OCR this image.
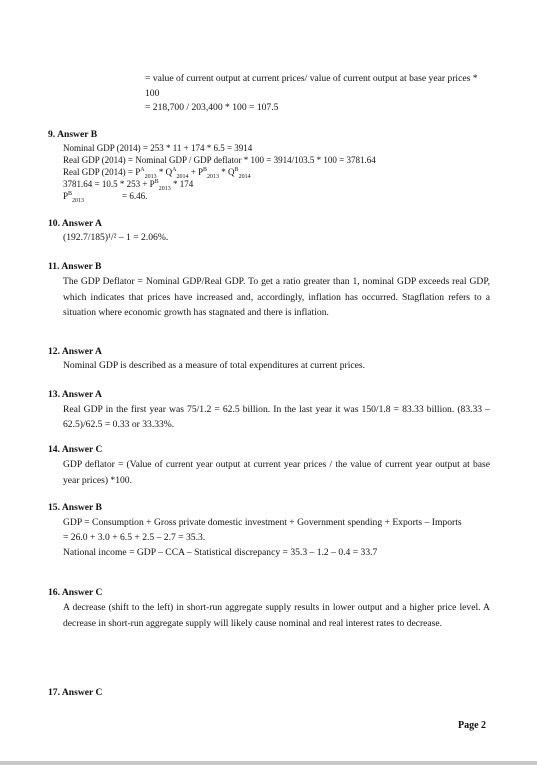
= value of current output at current prices/ value of current output at base year prices * 100
= 218,700 / 203,400 * 100 = 107.5
9. Answer B
Nominal GDP (2014) = 253 * 11 + 174 * 6.5 = 3914
Real GDP (2014) = Nominal GDP / GDP deflator * 100 = 3914/103.5 * 100 = 3781.64
Real GDP $(2014) = P^A_{2013} * Q^A_{2014} + P^B_{2013} * Q^B_{2014}$
$3781.64 = 10.5 * 253 + P^B_{2013} * 174$
$P^B_{2013}$	= 6.46.
10. Answer A
(192.7/185)¹/² – 1 = 2.06%.
11. Answer B
The GDP Deflator = Nominal GDP/Real GDP. To get a ratio greater than 1, nominal GDP exceeds real GDP, which indicates that prices have increased and, accordingly, inflation has occurred. Stagflation refers to a situation where economic growth has stagnated and there is inflation.
12. Answer A
Nominal GDP is described as a measure of total expenditures at current prices.
13. Answer A
Real GDP in the first year was 75/1.2 = 62.5 billion. In the last year it was 150/1.8 = 83.33 billion. (83.33 – 62.5)/62.5 = 0.33 or 33.33%.
14. Answer C
GDP deflator = (Value of current year output at current year prices / the value of current year output at base year prices) *100.
15. Answer B
GDP = Consumption + Gross private domestic investment + Government spending + Exports – Imports
= 26.0 + 3.0 + 6.5 + 2.5 – 2.7 = 35.3.
National income = GDP – CCA – Statistical discrepancy = 35.3 – 1.2 – 0.4 = 33.7
16. Answer C
A decrease (shift to the left) in short-run aggregate supply results in lower output and a higher price level. A decrease in short-run aggregate supply will likely cause nominal and real interest rates to decrease.
17. Answer C
Page 2
